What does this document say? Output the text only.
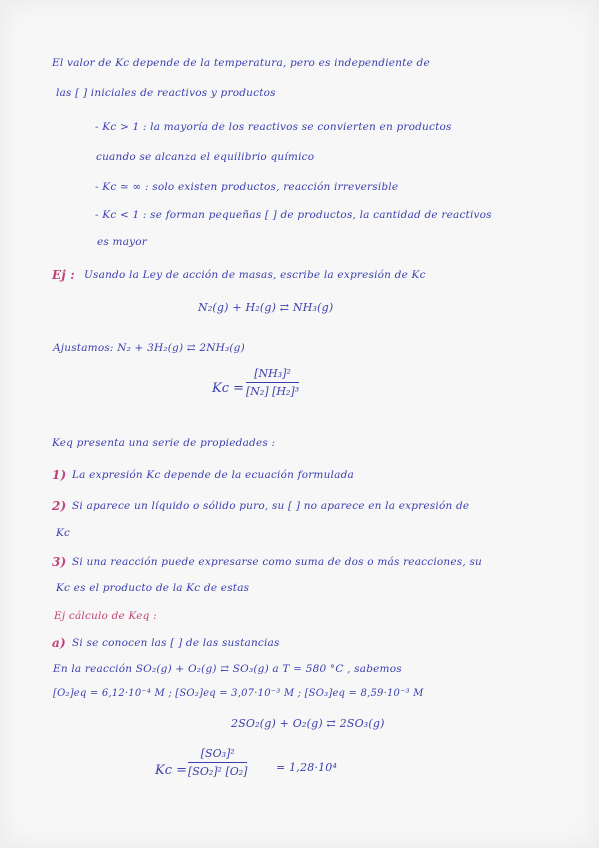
El valor de Kc depende de la temperatura, pero es independiente de
las [ ] iniciales de reactivos y productos
- Kc > 1 : la mayoría de los reactivos se convierten en productos
cuando se alcanza el equilibrio químico
- Kc ≃ ∞ : solo existen productos, reacción irreversible
- Kc < 1 : se forman pequeñas [ ] de productos, la cantidad de reactivos
es mayor
Ej : Usando la Ley de acción de masas, escribe la expresión de Kc
N₂(g) + H₂(g) ⇄ NH₃(g)
Ajustamos: N₂ + 3H₂(g) ⇄ 2NH₃(g)
$Kc = \frac{\text{[NH₃]²}}{\text{[N₂] [H₂]³}}$
Keq presenta una serie de propiedades :
1) La expresión Kc depende de la ecuación formulada
2) Si aparece un líquido o sólido puro, su [ ] no aparece en la expresión de
Kc
3) Si una reacción puede expresarse como suma de dos o más reacciones, su
Kc es el producto de la Kc de estas
Ej cálculo de Keq :
a) Si se conocen las [ ] de las sustancias
En la reacción SO₂(g) + O₂(g) ⇄ SO₃(g) a T = 580 °C , sabemos
[O₂]eq = 6,12·10⁻⁴ M ; [SO₂]eq = 3,07·10⁻³ M ; [SO₃]eq = 8,59·10⁻³ M
2SO₂(g) + O₂(g) ⇄ 2SO₃(g)
$Kc = \frac{\text{[SO₃]²}}{\text{[SO₂]² [O₂]}}$	= 1,28·10⁴
